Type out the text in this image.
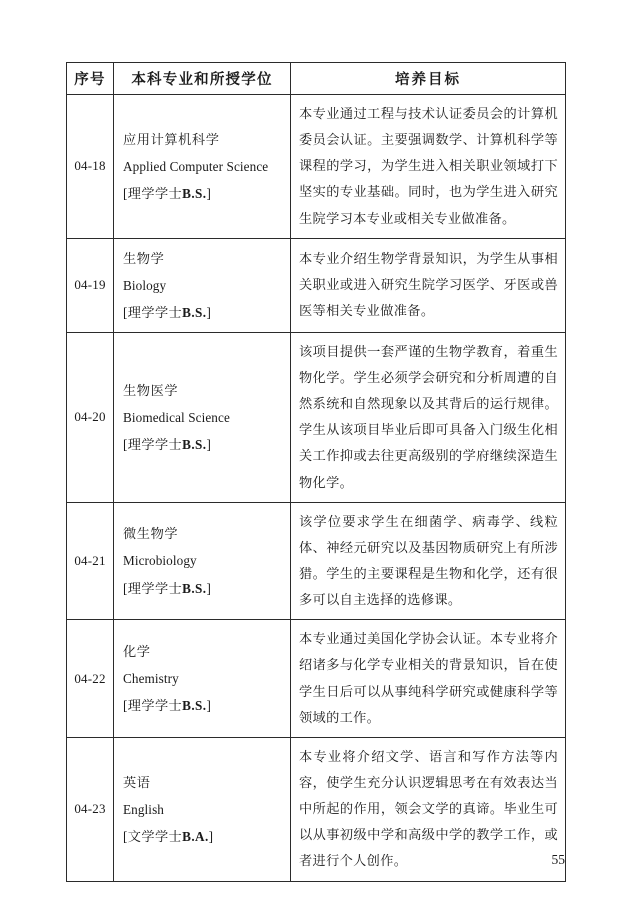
序号	本科专业和所授学位	培养目标
04-18	应用计算机科学
Applied Computer Science
[理学学士B.S.]	本专业通过工程与技术认证委员会的计算机委员会认证。主要强调数学、计算机科学等课程的学习，为学生进入相关职业领域打下坚实的专业基础。同时，也为学生进入研究生院学习本专业或相关专业做准备。
04-19	生物学
Biology
[理学学士B.S.]	本专业介绍生物学背景知识，为学生从事相关职业或进入研究生院学习医学、牙医或兽医等相关专业做准备。
04-20	生物医学
Biomedical Science
[理学学士B.S.]	该项目提供一套严谨的生物学教育，着重生物化学。学生必须学会研究和分析周遭的自然系统和自然现象以及其背后的运行规律。学生从该项目毕业后即可具备入门级生化相关工作抑或去往更高级别的学府继续深造生物化学。
04-21	微生物学
Microbiology
[理学学士B.S.]	该学位要求学生在细菌学、病毒学、线粒体、神经元研究以及基因物质研究上有所涉猎。学生的主要课程是生物和化学，还有很多可以自主选择的选修课。
04-22	化学
Chemistry
[理学学士B.S.]	本专业通过美国化学协会认证。本专业将介绍诸多与化学专业相关的背景知识，旨在使学生日后可以从事纯科学研究或健康科学等领域的工作。
04-23	英语
English
[文学学士B.A.]	本专业将介绍文学、语言和写作方法等内容，使学生充分认识逻辑思考在有效表达当中所起的作用，领会文学的真谛。毕业生可以从事初级中学和高级中学的教学工作，或者进行个人创作。	55
